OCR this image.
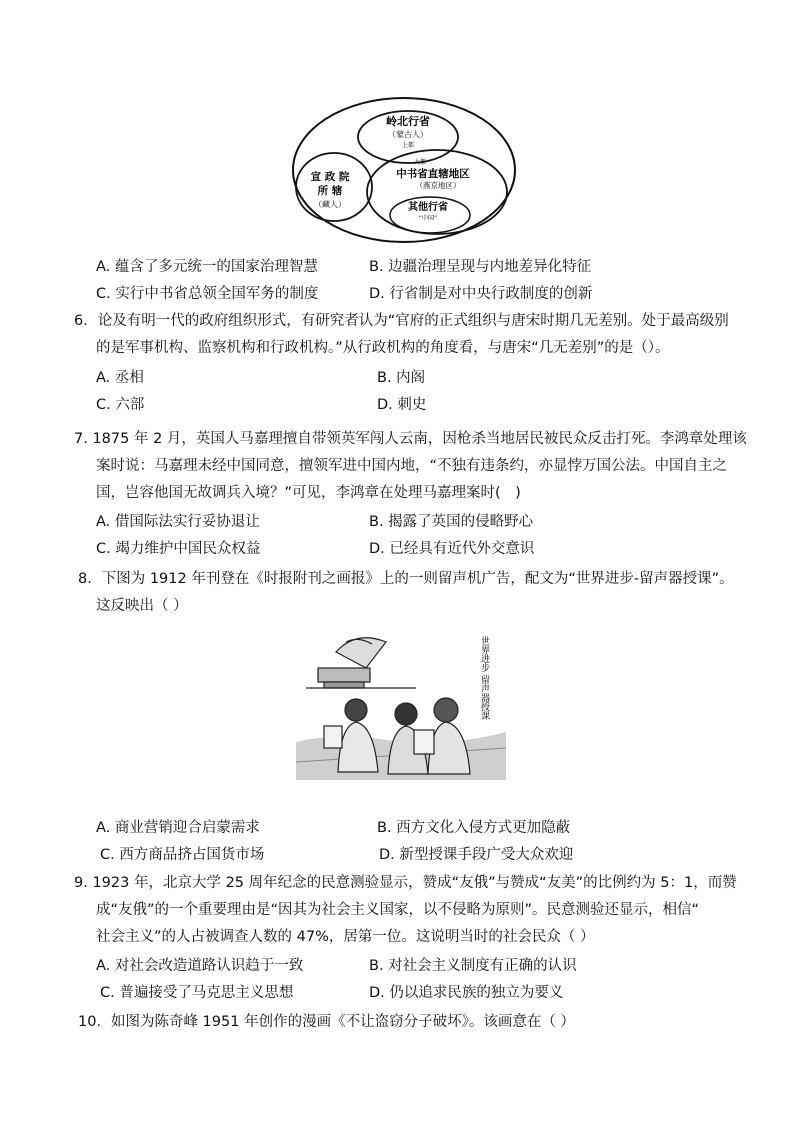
岭北行省
（蒙古人）
上都
宣 政 院
所 辖
（藏人）
大都
中书省直辖地区
（燕京地区）
其他行省
“中国”
A. 蕴含了多元统一的国家治理智慧	B. 边疆治理呈现与内地差异化特征
C. 实行中书省总领全国军务的制度	D. 行省制是对中央行政制度的创新
6．论及有明一代的政府组织形式，有研究者认为“官府的正式组织与唐宋时期几无差别。处于最高级别
的是军事机构、监察机构和行政机构。”从行政机构的角度看，与唐宋“几无差别”的是（）。
A. 丞相	B. 内阁
C. 六部	D. 刺史
7. 1875 年 2 月，英国人马嘉理擅自带领英军闯人云南，因枪杀当地居民被民众反击打死。李鸿章处理该
案时说：马嘉理未经中国同意，擅领军进中国内地，“不独有违条约，亦显悖万国公法。中国自主之
国，岂容他国无故调兵入境？”可见，李鸿章在处理马嘉理案时(　)
A. 借国际法实行妥协退让	B. 揭露了英国的侵略野心
C. 竭力维护中国民众权益	D. 已经具有近代外交意识
8．下图为 1912 年刊登在《时报附刊之画报》上的一则留声机广告，配文为“世界进步-留声器授课”。
这反映出（ ）
世界进步 留声器授课
A. 商业营销迎合启蒙需求	B. 西方文化入侵方式更加隐蔽
C. 西方商品挤占国货市场	D. 新型授课手段广受大众欢迎
9. 1923 年，北京大学 25 周年纪念的民意测验显示，赞成“友俄”与赞成“友美”的比例约为 5：1，而赞
成“友俄”的一个重要理由是“因其为社会主义国家，以不侵略为原则”。民意测验还显示，相信“
社会主义”的人占被调查人数的 47%，居第一位。这说明当时的社会民众（ ）
A. 对社会改造道路认识趋于一致	B. 对社会主义制度有正确的认识
C. 普遍接受了马克思主义思想	D. 仍以追求民族的独立为要义
10．如图为陈奇峰 1951 年创作的漫画《不让盗窃分子破坏》。该画意在（ ）
